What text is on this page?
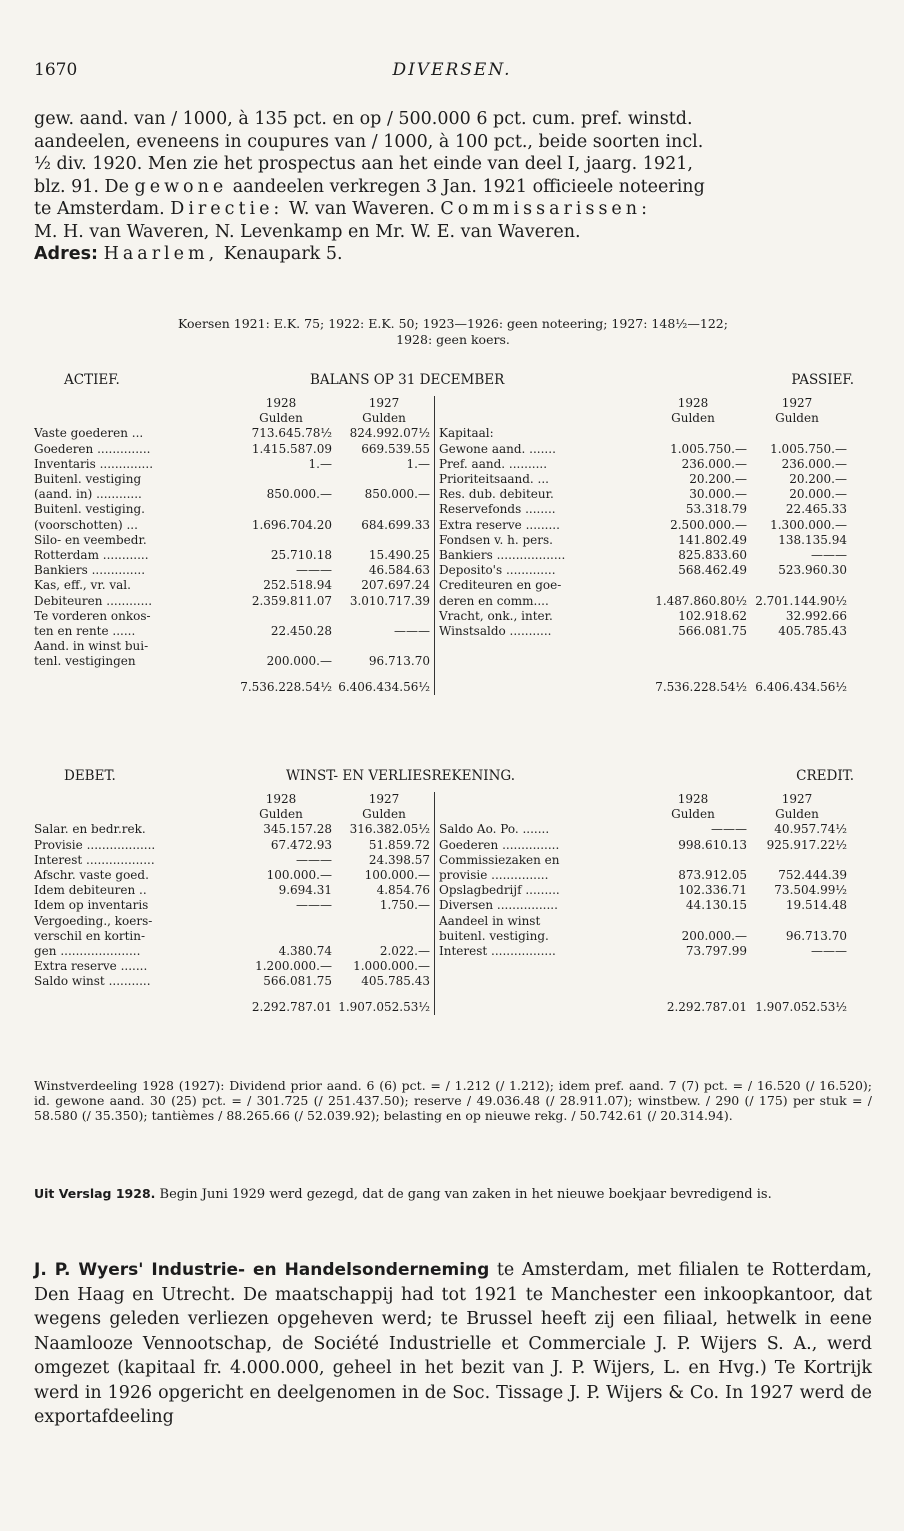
1670	DIVERSEN.

gew. aand. van / 1000, à 135 pct. en op / 500.000 6 pct. cum. pref. winstd.

aandeelen, eveneens in coupures van / 1000, à 100 pct., beide soorten incl.

½ div. 1920. Men zie het prospectus aan het einde van deel I, jaarg. 1921,

blz. 91. De gewone aandeelen verkregen 3 Jan. 1921 officieele noteering

te Amsterdam. Directie: W. van Waveren. Commissarissen:

M. H. van Waveren, N. Levenkamp en Mr. W. E. van Waveren.

Adres: Haarlem, Kenaupark 5.

Koersen 1921: E.K. 75; 1922: E.K. 50; 1923—1926: geen noteering; 1927: 148½—122;
1928: geen koers.
ACTIEF.	BALANS OP 31 DECEMBER	PASSIEF.
	1928	1927		1928	1927
	Gulden	Gulden		Gulden	Gulden
Vaste goederen ...	713.645.78½	824.992.07½	Kapitaal:		
Goederen ..............	1.415.587.09	669.539.55	Gewone aand. .......	1.005.750.—	1.005.750.—
Inventaris ..............	1.—	1.—	Pref. aand. ..........	236.000.—	236.000.—
Buitenl. vestiging			Prioriteitsaand. ...	20.200.—	20.200.—
(aand. in) ............	850.000.—	850.000.—	Res. dub. debiteur.	30.000.—	20.000.—
Buitenl. vestiging.			Reservefonds ........	53.318.79	22.465.33
(voorschotten) ...	1.696.704.20	684.699.33	Extra reserve .........	2.500.000.—	1.300.000.—
Silo- en veembedr.			Fondsen v. h. pers.	141.802.49	138.135.94
Rotterdam ............	25.710.18	15.490.25	Bankiers ..................	825.833.60	———
Bankiers ..............	———	46.584.63	Deposito's .............	568.462.49	523.960.30
Kas, eff., vr. val.	252.518.94	207.697.24	Crediteuren en goe-		
Debiteuren ............	2.359.811.07	3.010.717.39	deren en comm....	1.487.860.80½	2.701.144.90½
Te vorderen onkos-			Vracht, onk., inter.	102.918.62	32.992.66
ten en rente ......	22.450.28	———	Winstsaldo ...........	566.081.75	405.785.43
Aand. in winst bui-					
tenl. vestigingen	200.000.—	96.713.70			
	7.536.228.54½	6.406.434.56½		7.536.228.54½	6.406.434.56½
DEBET.	WINST- EN VERLIESREKENING.	CREDIT.
	1928	1927		1928	1927
	Gulden	Gulden		Gulden	Gulden
Salar. en bedr.rek.	345.157.28	316.382.05½	Saldo Ao. Po. .......	———	40.957.74½
Provisie ..................	67.472.93	51.859.72	Goederen ...............	998.610.13	925.917.22½
Interest ..................	———	24.398.57	Commissiezaken en		
Afschr. vaste goed.	100.000.—	100.000.—	provisie ...............	873.912.05	752.444.39
Idem debiteuren ..	9.694.31	4.854.76	Opslagbedrijf .........	102.336.71	73.504.99½
Idem op inventaris	———	1.750.—	Diversen ................	44.130.15	19.514.48
Vergoeding., koers-			Aandeel in winst		
verschil en kortin-			buitenl. vestiging.	200.000.—	96.713.70
gen .....................	4.380.74	2.022.—	Interest .................	73.797.99	———
Extra reserve .......	1.200.000.—	1.000.000.—			
Saldo winst ...........	566.081.75	405.785.43			
	2.292.787.01	1.907.052.53½		2.292.787.01	1.907.052.53½
Winstverdeeling 1928 (1927): Dividend prior aand. 6 (6) pct. = / 1.212 (/ 1.212); idem pref. aand. 7 (7) pct. = / 16.520 (/ 16.520); id. gewone aand. 30 (25) pct. = / 301.725 (/ 251.437.50); reserve / 49.036.48 (/ 28.911.07); winstbew. / 290 (/ 175) per stuk = / 58.580 (/ 35.350); tantièmes / 88.265.66 (/ 52.039.92); belasting en op nieuwe rekg. / 50.742.61 (/ 20.314.94).
Uit Verslag 1928. Begin Juni 1929 werd gezegd, dat de gang van zaken in het nieuwe boekjaar bevredigend is.
J. P. Wyers' Industrie- en Handelsonderneming te Amsterdam, met filialen te Rotterdam, Den Haag en Utrecht. De maatschappij had tot 1921 te Manchester een inkoopkantoor, dat wegens geleden verliezen opgeheven werd; te Brussel heeft zij een filiaal, hetwelk in eene Naamlooze Vennootschap, de Société Industrielle et Commerciale J. P. Wijers S. A., werd omgezet (kapitaal fr. 4.000.000, geheel in het bezit van J. P. Wijers, L. en Hvg.) Te Kortrijk werd in 1926 opgericht en deelgenomen in de Soc. Tissage J. P. Wijers & Co. In 1927 werd de exportafdeeling
